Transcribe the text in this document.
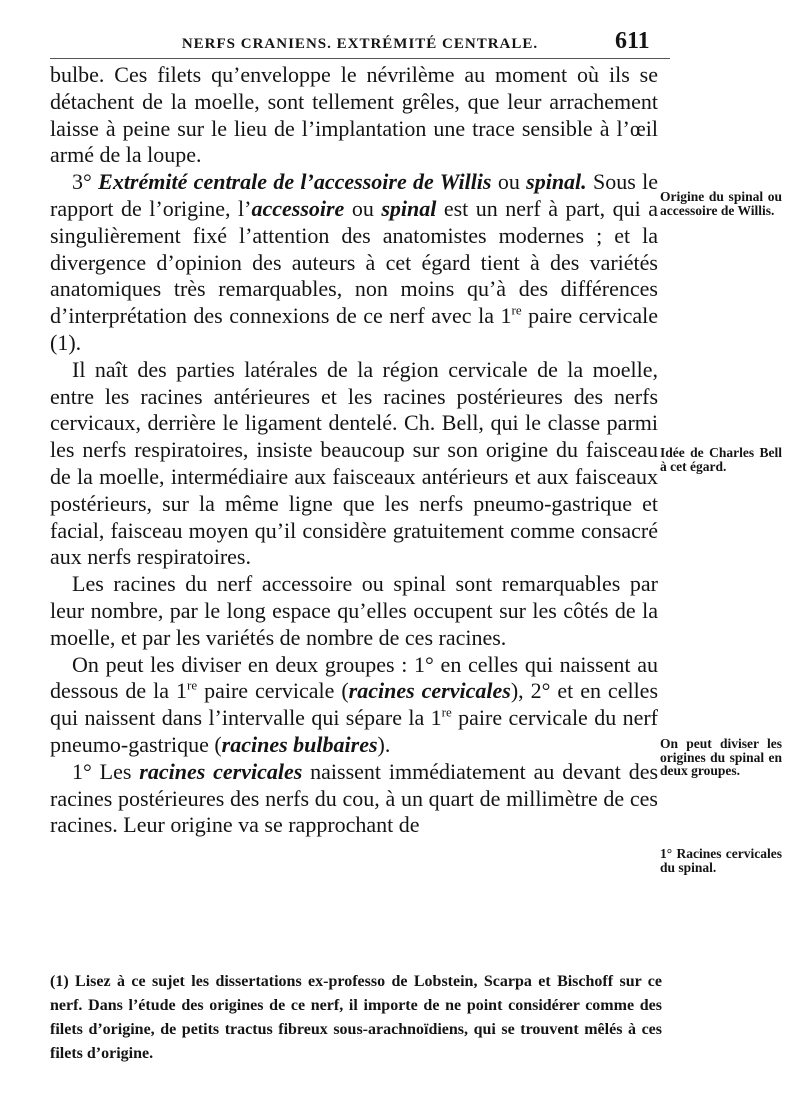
NERFS CRANIENS. EXTRÉMITÉ CENTRALE.	611

bulbe. Ces filets qu’enveloppe le névrilème au moment où ils se détachent de la moelle, sont tellement grêles, que leur arrachement laisse à peine sur le lieu de l’implantation une trace sensible à l’œil armé de la loupe.

3° Extrémité centrale de l’accessoire de Willis ou spinal. Sous le rapport de l’origine, l’accessoire ou spinal est un nerf à part, qui a singulièrement fixé l’attention des anatomistes modernes ; et la divergence d’opinion des auteurs à cet égard tient à des variétés anatomiques très remarquables, non moins qu’à des différences d’interprétation des connexions de ce nerf avec la 1re paire cervicale (1).

Il naît des parties latérales de la région cervicale de la moelle, entre les racines antérieures et les racines postérieures des nerfs cervicaux, derrière le ligament dentelé. Ch. Bell, qui le classe parmi les nerfs respiratoires, insiste beaucoup sur son origine du faisceau de la moelle, intermédiaire aux faisceaux antérieurs et aux faisceaux postérieurs, sur la même ligne que les nerfs pneumo-gastrique et facial, faisceau moyen qu’il considère gratuitement comme consacré aux nerfs respiratoires.

Les racines du nerf accessoire ou spinal sont remarquables par leur nombre, par le long espace qu’elles occupent sur les côtés de la moelle, et par les variétés de nombre de ces racines.

On peut les diviser en deux groupes : 1° en celles qui naissent au dessous de la 1re paire cervicale (racines cervicales), 2° et en celles qui naissent dans l’intervalle qui sépare la 1re paire cervicale du nerf pneumo-gastrique (racines bulbaires).

1° Les racines cervicales naissent immédiatement au devant des racines postérieures des nerfs du cou, à un quart de millimètre de ces racines. Leur origine va se rapprochant de

Origine du spinal ou accessoire de Willis.
Idée de Charles Bell à cet égard.
On peut diviser les origines du spinal en deux groupes.
1° Racines cervicales du spinal.

(1) Lisez à ce sujet les dissertations ex-professo de Lobstein, Scarpa et Bischoff sur ce nerf. Dans l’étude des origines de ce nerf, il importe de ne point considérer comme des filets d’origine, de petits tractus fibreux sous-arachnoïdiens, qui se trouvent mêlés à ces filets d’origine.
